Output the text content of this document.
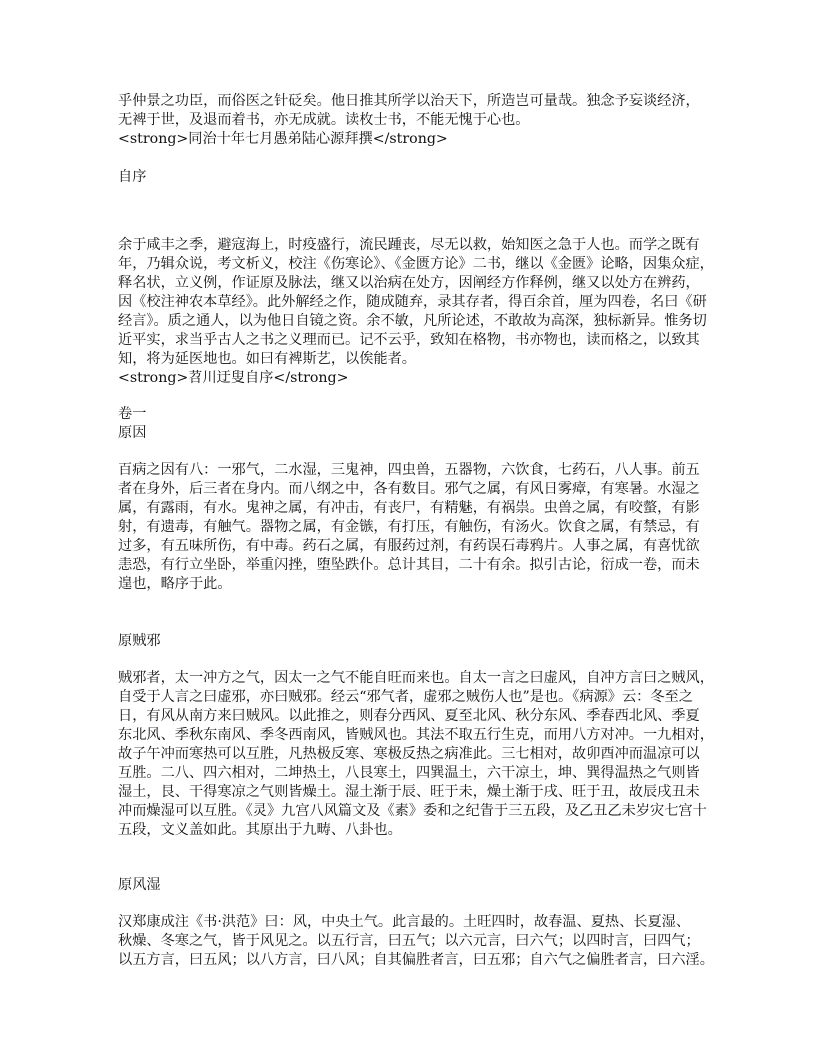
乎仲景之功臣，而俗医之针砭矣。他日推其所学以治天下，所造岂可量哉。独念予妄谈经济，
无裨于世，及退而着书，亦无成就。读枚士书，不能无愧于心也。
<strong>同治十年七月愚弟陆心源拜撰</strong>
自序
余于咸丰之季，避寇海上，时疫盛行，流民踵丧，尽无以救，始知医之急于人也。而学之既有
年，乃辑众说，考文析义，校注《伤寒论》、《金匮方论》二书，继以《金匮》论略，因集众症，
释名状，立义例，作证原及脉法，继又以治病在处方，因阐经方作释例，继又以处方在辨药，
因《校注神农本草经》。此外解经之作，随成随弃，录其存者，得百余首，厘为四卷，名曰《研
经言》。质之通人，以为他日自镜之资。余不敏，凡所论述，不敢故为高深，独标新异。惟务切
近平实，求当乎古人之书之义理而已。记不云乎，致知在格物，书亦物也，读而格之，以致其
知，将为延医地也。如曰有裨斯艺，以俟能者。
<strong>苕川迂叟自序</strong>
卷一
原因
百病之因有八：一邪气，二水湿，三鬼神，四虫兽，五器物，六饮食，七药石，八人事。前五
者在身外，后三者在身内。而八纲之中，各有数目。邪气之属，有风日雾瘴，有寒暑。水湿之
属，有露雨，有水。鬼神之属，有冲击，有丧尸，有精魅，有祸祟。虫兽之属，有咬螫，有影
射，有遗毒，有触气。器物之属，有金镞，有打压，有触伤，有汤火。饮食之属，有禁忌，有
过多，有五味所伤，有中毒。药石之属，有服药过剂，有药误石毒鸦片。人事之属，有喜忧欲
恚恐，有行立坐卧，举重闪挫，堕坠跌仆。总计其目，二十有余。拟引古论，衍成一卷，而未
遑也，略序于此。
原贼邪
贼邪者，太一冲方之气，因太一之气不能自旺而来也。自太一言之曰虚风，自冲方言曰之贼风，
自受于人言之曰虚邪，亦曰贼邪。经云“邪气者，虚邪之贼伤人也”是也。《病源》云：冬至之
日，有风从南方来曰贼风。以此推之，则春分西风、夏至北风、秋分东风、季春西北风、季夏
东北风、季秋东南风、季冬西南风，皆贼风也。其法不取五行生克，而用八方对冲。一九相对，
故子午冲而寒热可以互胜，凡热极反寒、寒极反热之病准此。三七相对，故卯酉冲而温凉可以
互胜。二八、四六相对，二坤热土，八艮寒土，四巽温土，六干凉土，坤、巽得温热之气则皆
湿土，艮、干得寒凉之气则皆燥土。湿土渐于辰、旺于未，燥土渐于戌、旺于丑，故辰戌丑未
冲而燥湿可以互胜。《灵》九宫八风篇文及《素》委和之纪眚于三五段，及乙丑乙未岁灾七宫十
五段，文义盖如此。其原出于九畴、八卦也。
原风湿
汉郑康成注《书·洪范》曰：风，中央土气。此言最的。土旺四时，故春温、夏热、长夏湿、
秋燥、冬寒之气，皆于风见之。以五行言，曰五气；以六元言，曰六气；以四时言，曰四气；
以五方言，曰五风；以八方言，曰八风；自其偏胜者言，曰五邪；自六气之偏胜者言，曰六淫。
